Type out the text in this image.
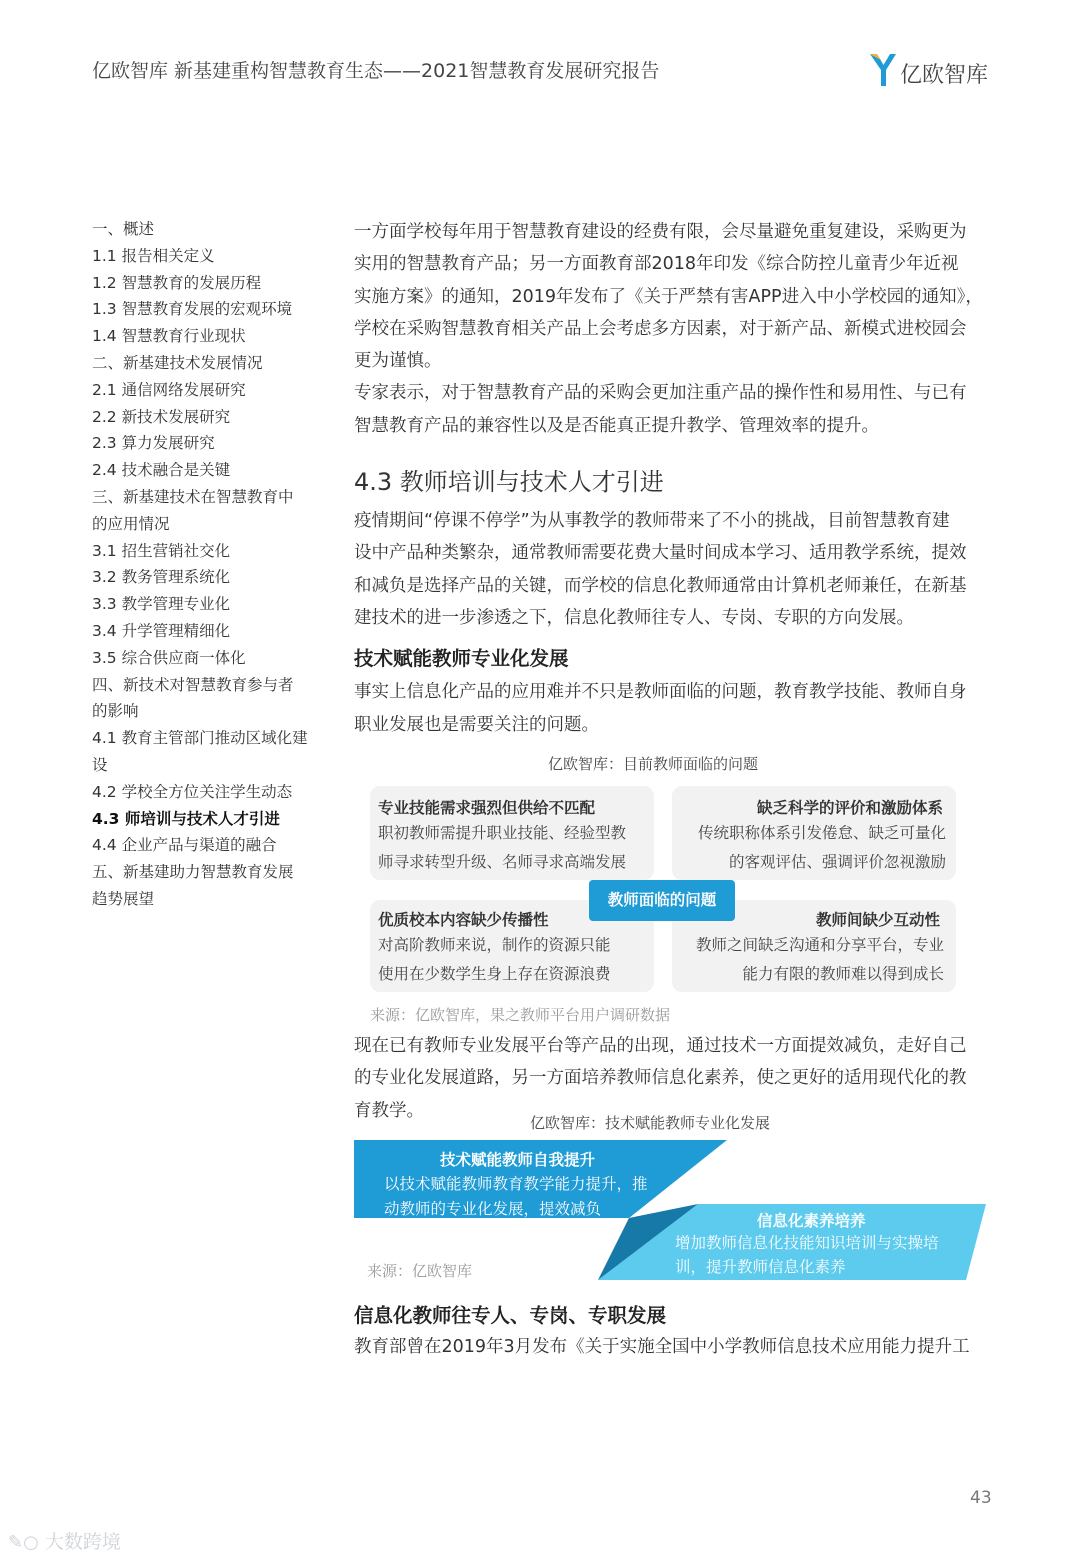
亿欧智库 新基建重构智慧教育生态——2021智慧教育发展研究报告	亿欧智库
一、概述
1.1 报告相关定义
1.2 智慧教育的发展历程
1.3 智慧教育发展的宏观环境
1.4 智慧教育行业现状
二、新基建技术发展情况
2.1 通信网络发展研究
2.2 新技术发展研究
2.3 算力发展研究
2.4 技术融合是关键
三、新基建技术在智慧教育中
的应用情况
3.1 招生营销社交化
3.2 教务管理系统化
3.3 教学管理专业化
3.4 升学管理精细化
3.5 综合供应商一体化
四、新技术对智慧教育参与者
的影响
4.1 教育主管部门推动区域化建
设
4.2 学校全方位关注学生动态
4.3 师培训与技术人才引进
4.4 企业产品与渠道的融合
五、新基建助力智慧教育发展
趋势展望
一方面学校每年用于智慧教育建设的经费有限，会尽量避免重复建设，采购更为
实用的智慧教育产品；另一方面教育部2018年印发《综合防控儿童青少年近视
实施方案》的通知，2019年发布了《关于严禁有害APP进入中小学校园的通知》，
学校在采购智慧教育相关产品上会考虑多方因素，对于新产品、新模式进校园会
更为谨慎。
专家表示，对于智慧教育产品的采购会更加注重产品的操作性和易用性、与已有
智慧教育产品的兼容性以及是否能真正提升教学、管理效率的提升。
4.3 教师培训与技术人才引进
疫情期间“停课不停学”为从事教学的教师带来了不小的挑战，目前智慧教育建
设中产品种类繁杂，通常教师需要花费大量时间成本学习、适用教学系统，提效
和减负是选择产品的关键，而学校的信息化教师通常由计算机老师兼任，在新基
建技术的进一步渗透之下，信息化教师往专人、专岗、专职的方向发展。
技术赋能教师专业化发展
事实上信息化产品的应用难并不只是教师面临的问题，教育教学技能、教师自身
职业发展也是需要关注的问题。
亿欧智库：目前教师面临的问题
专业技能需求强烈但供给不匹配
职初教师需提升职业技能、经验型教
师寻求转型升级、名师寻求高端发展
缺乏科学的评价和激励体系
传统职称体系引发倦怠、缺乏可量化
的客观评估、强调评价忽视激励
优质校本内容缺少传播性
对高阶教师来说，制作的资源只能
使用在少数学生身上存在资源浪费
教师间缺少互动性
教师之间缺乏沟通和分享平台，专业
能力有限的教师难以得到成长
教师面临的问题
来源：亿欧智库，果之教师平台用户调研数据
现在已有教师专业发展平台等产品的出现，通过技术一方面提效减负，走好自己
的专业化发展道路，另一方面培养教师信息化素养，使之更好的适用现代化的教
育教学。
亿欧智库：技术赋能教师专业化发展
技术赋能教师自我提升
以技术赋能教师教育教学能力提升，推
动教师的专业化发展，提效减负
信息化素养培养
增加教师信息化技能知识培训与实操培
训，提升教师信息化素养
来源：亿欧智库
信息化教师往专人、专岗、专职发展
教育部曾在2019年3月发布《关于实施全国中小学教师信息技术应用能力提升工
43
✎○ 大数跨境
